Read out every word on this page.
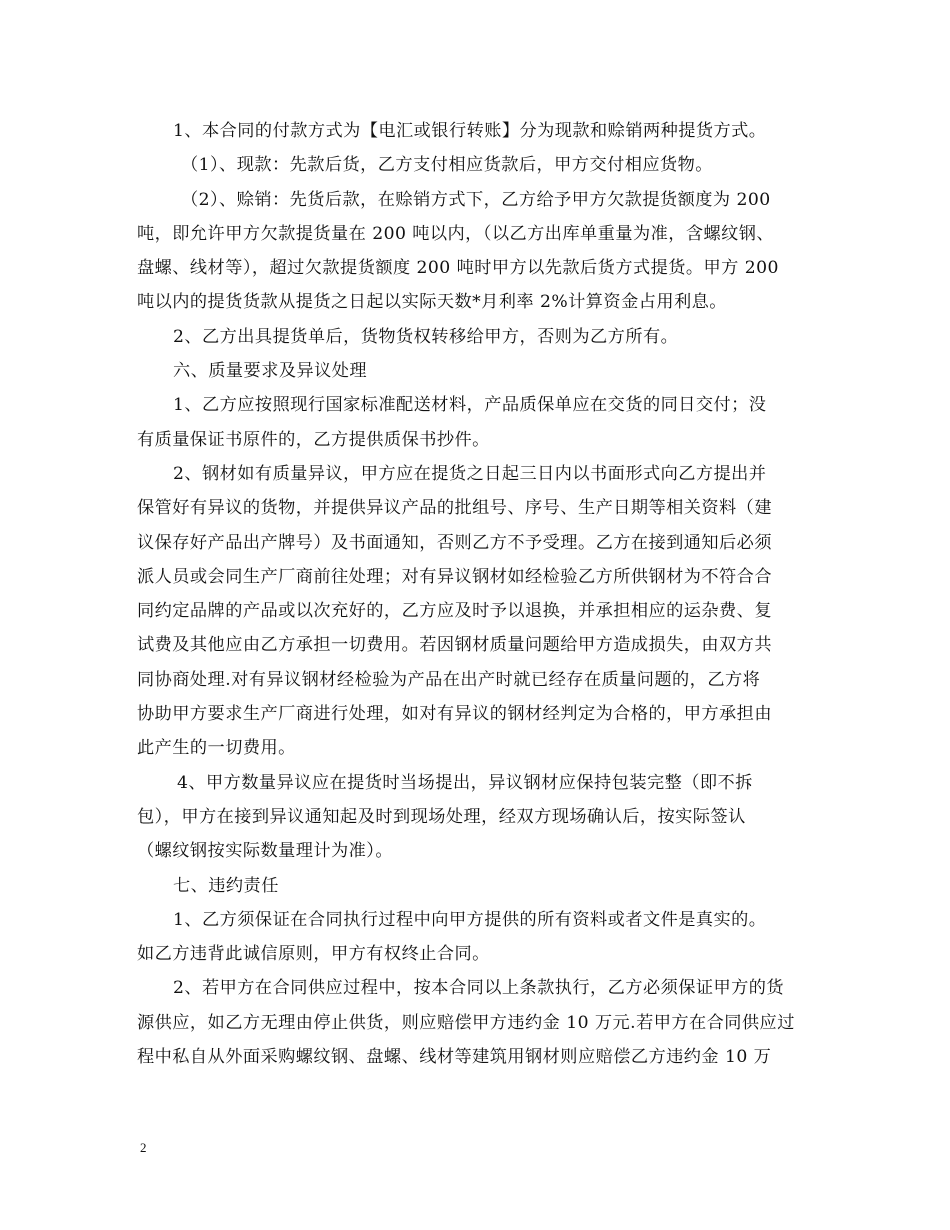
1、本合同的付款方式为【电汇或银行转账】分为现款和赊销两种提货方式。
（1）、现款：先款后货，乙方支付相应货款后，甲方交付相应货物。
（2）、赊销：先货后款，在赊销方式下，乙方给予甲方欠款提货额度为 200
吨，即允许甲方欠款提货量在 200 吨以内，（以乙方出库单重量为准，含螺纹钢、
盘螺、线材等），超过欠款提货额度 200 吨时甲方以先款后货方式提货。甲方 200
吨以内的提货货款从提货之日起以实际天数*月利率 2%计算资金占用利息。
2、乙方出具提货单后，货物货权转移给甲方，否则为乙方所有。
六、质量要求及异议处理
1、乙方应按照现行国家标准配送材料，产品质保单应在交货的同日交付；没
有质量保证书原件的，乙方提供质保书抄件。
2、钢材如有质量异议，甲方应在提货之日起三日内以书面形式向乙方提出并
保管好有异议的货物，并提供异议产品的批组号、序号、生产日期等相关资料（建
议保存好产品出产牌号）及书面通知，否则乙方不予受理。乙方在接到通知后必须
派人员或会同生产厂商前往处理；对有异议钢材如经检验乙方所供钢材为不符合合
同约定品牌的产品或以次充好的，乙方应及时予以退换，并承担相应的运杂费、复
试费及其他应由乙方承担一切费用。若因钢材质量问题给甲方造成损失，由双方共
同协商处理.对有异议钢材经检验为产品在出产时就已经存在质量问题的，乙方将
协助甲方要求生产厂商进行处理，如对有异议的钢材经判定为合格的，甲方承担由
此产生的一切费用。
4、甲方数量异议应在提货时当场提出，异议钢材应保持包装完整（即不拆
包），甲方在接到异议通知起及时到现场处理，经双方现场确认后，按实际签认
（螺纹钢按实际数量理计为准）。
七、违约责任
1、乙方须保证在合同执行过程中向甲方提供的所有资料或者文件是真实的。
如乙方违背此诚信原则，甲方有权终止合同。
2、若甲方在合同供应过程中，按本合同以上条款执行，乙方必须保证甲方的货
源供应，如乙方无理由停止供货，则应赔偿甲方违约金 10 万元.若甲方在合同供应过
程中私自从外面采购螺纹钢、盘螺、线材等建筑用钢材则应赔偿乙方违约金 10 万
2
